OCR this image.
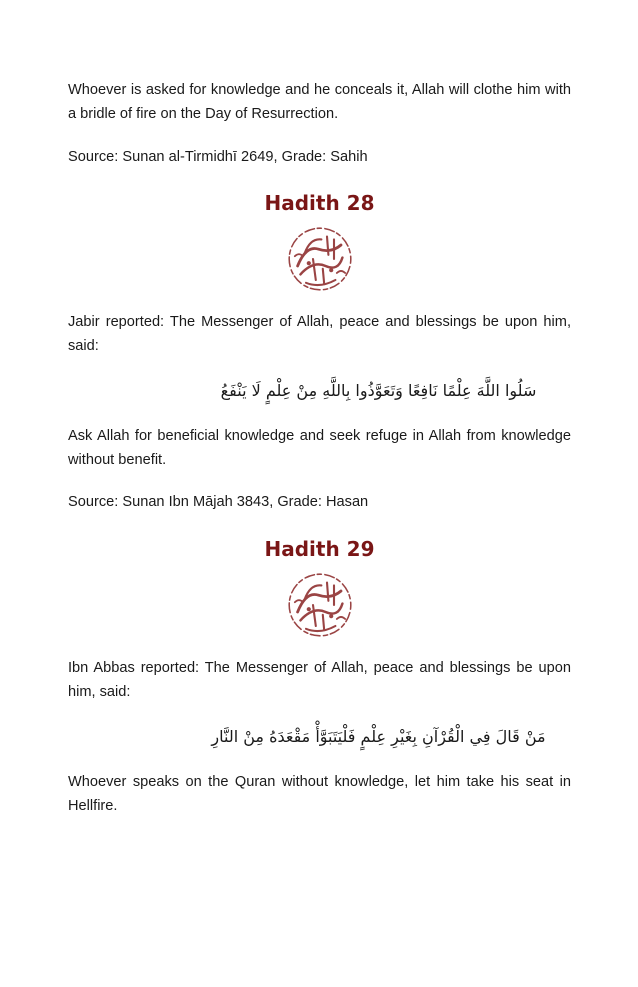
Whoever is asked for knowledge and he conceals it, Allah will clothe him with a bridle of fire on the Day of Resurrection.

Source: Sunan al-Tirmidhī 2649, Grade: Sahih

Hadith 28

Jabir reported: The Messenger of Allah, peace and blessings be upon him, said:

سَلُوا اللَّهَ عِلْمًا نَافِعًا وَتَعَوَّذُوا بِاللَّهِ مِنْ عِلْمٍ لَا يَنْفَعُ

Ask Allah for beneficial knowledge and seek refuge in Allah from knowledge without benefit.

Source: Sunan Ibn Mājah 3843, Grade: Hasan

Hadith 29

Ibn Abbas reported: The Messenger of Allah, peace and blessings be upon him, said:

مَنْ قَالَ فِي الْقُرْآنِ بِغَيْرِ عِلْمٍ فَلْيَتَبَوَّأْ مَقْعَدَهُ مِنْ النَّارِ

Whoever speaks on the Quran without knowledge, let him take his seat in Hellfire.
